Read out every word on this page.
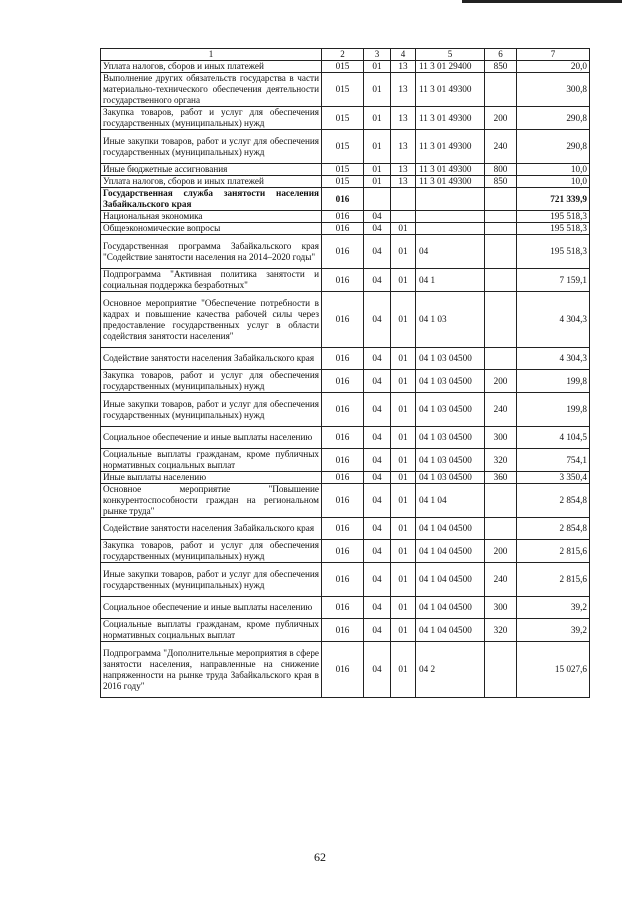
1	2	3	4	5	6	7
Уплата налогов, сборов и иных платежей	015	01	13	11 3 01 29400	850	20,0
Выполнение других обязательств государства в части материально-технического обеспечения деятельности государственного органа	015	01	13	11 3 01 49300		300,8
Закупка товаров, работ и услуг для обеспечения государственных (муниципальных) нужд	015	01	13	11 3 01 49300	200	290,8
Иные закупки товаров, работ и услуг для обеспечения государственных (муниципальных) нужд	015	01	13	11 3 01 49300	240	290,8
Иные бюджетные ассигнования	015	01	13	11 3 01 49300	800	10,0
Уплата налогов, сборов и иных платежей	015	01	13	11 3 01 49300	850	10,0
Государственная служба занятости населения Забайкальского края	016					721 339,9
Национальная экономика	016	04				195 518,3
Общеэкономические вопросы	016	04	01			195 518,3
Государственная программа Забайкальского края "Содействие занятости населения на 2014–2020 годы"	016	04	01	04		195 518,3
Подпрограмма "Активная политика занятости и социальная поддержка безработных"	016	04	01	04 1		7 159,1
Основное мероприятие "Обеспечение потребности в кадрах и повышение качества рабочей силы через предоставление государственных услуг в области содействия занятости населения"	016	04	01	04 1 03		4 304,3
Содействие занятости населения Забайкальского края	016	04	01	04 1 03 04500		4 304,3
Закупка товаров, работ и услуг для обеспечения государственных (муниципальных) нужд	016	04	01	04 1 03 04500	200	199,8
Иные закупки товаров, работ и услуг для обеспечения государственных (муниципальных) нужд	016	04	01	04 1 03 04500	240	199,8
Социальное обеспечение и иные выплаты населению	016	04	01	04 1 03 04500	300	4 104,5
Социальные выплаты гражданам, кроме публичных нормативных социальных выплат	016	04	01	04 1 03 04500	320	754,1
Иные выплаты населению	016	04	01	04 1 03 04500	360	3 350,4
Основное мероприятие "Повышение конкурентоспособности граждан на региональном рынке труда"	016	04	01	04 1 04		2 854,8
Содействие занятости населения Забайкальского края	016	04	01	04 1 04 04500		2 854,8
Закупка товаров, работ и услуг для обеспечения государственных (муниципальных) нужд	016	04	01	04 1 04 04500	200	2 815,6
Иные закупки товаров, работ и услуг для обеспечения государственных (муниципальных) нужд	016	04	01	04 1 04 04500	240	2 815,6
Социальное обеспечение и иные выплаты населению	016	04	01	04 1 04 04500	300	39,2
Социальные выплаты гражданам, кроме публичных нормативных социальных выплат	016	04	01	04 1 04 04500	320	39,2
Подпрограмма "Дополнительные мероприятия в сфере занятости населения, направленные на снижение напряженности на рынке труда Забайкальского края в 2016 году"	016	04	01	04 2		15 027,6
62
